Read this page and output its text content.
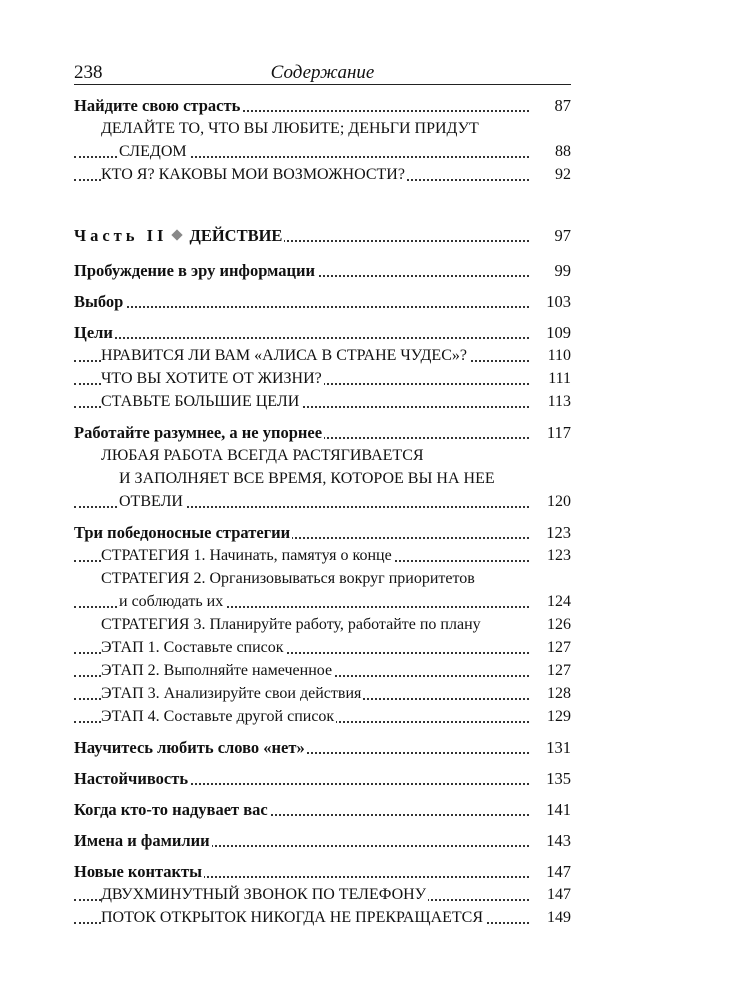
238	Содержание
Найдите свою страсть	87
ДЕЛАЙТЕ ТО, ЧТО ВЫ ЛЮБИТЕ; ДЕНЬГИ ПРИДУТ
СЛЕДОМ	88
КТО Я? КАКОВЫ МОИ ВОЗМОЖНОСТИ?	92
Часть II ДЕЙСТВИЕ	97
Пробуждение в эру информации	99
Выбор	103
Цели	109
НРАВИТСЯ ЛИ ВАМ «АЛИСА В СТРАНЕ ЧУДЕС»?	110
ЧТО ВЫ ХОТИТЕ ОТ ЖИЗНИ?	111
СТАВЬТЕ БОЛЬШИЕ ЦЕЛИ	113
Работайте разумнее, а не упорнее	117
ЛЮБАЯ РАБОТА ВСЕГДА РАСТЯГИВАЕТСЯ
И ЗАПОЛНЯЕТ ВСЕ ВРЕМЯ, КОТОРОЕ ВЫ НА НЕЕ
ОТВЕЛИ	120
Три победоносные стратегии	123
СТРАТЕГИЯ 1. Начинать, памятуя о конце	123
СТРАТЕГИЯ 2. Организовываться вокруг приоритетов
и соблюдать их	124
СТРАТЕГИЯ 3. Планируйте работу, работайте по плану	126
ЭТАП 1. Составьте список	127
ЭТАП 2. Выполняйте намеченное	127
ЭТАП 3. Анализируйте свои действия	128
ЭТАП 4. Составьте другой список	129
Научитесь любить слово «нет»	131
Настойчивость	135
Когда кто-то надувает вас	141
Имена и фамилии	143
Новые контакты	147
ДВУХМИНУТНЫЙ ЗВОНОК ПО ТЕЛЕФОНУ	147
ПОТОК ОТКРЫТОК НИКОГДА НЕ ПРЕКРАЩАЕТСЯ	149
